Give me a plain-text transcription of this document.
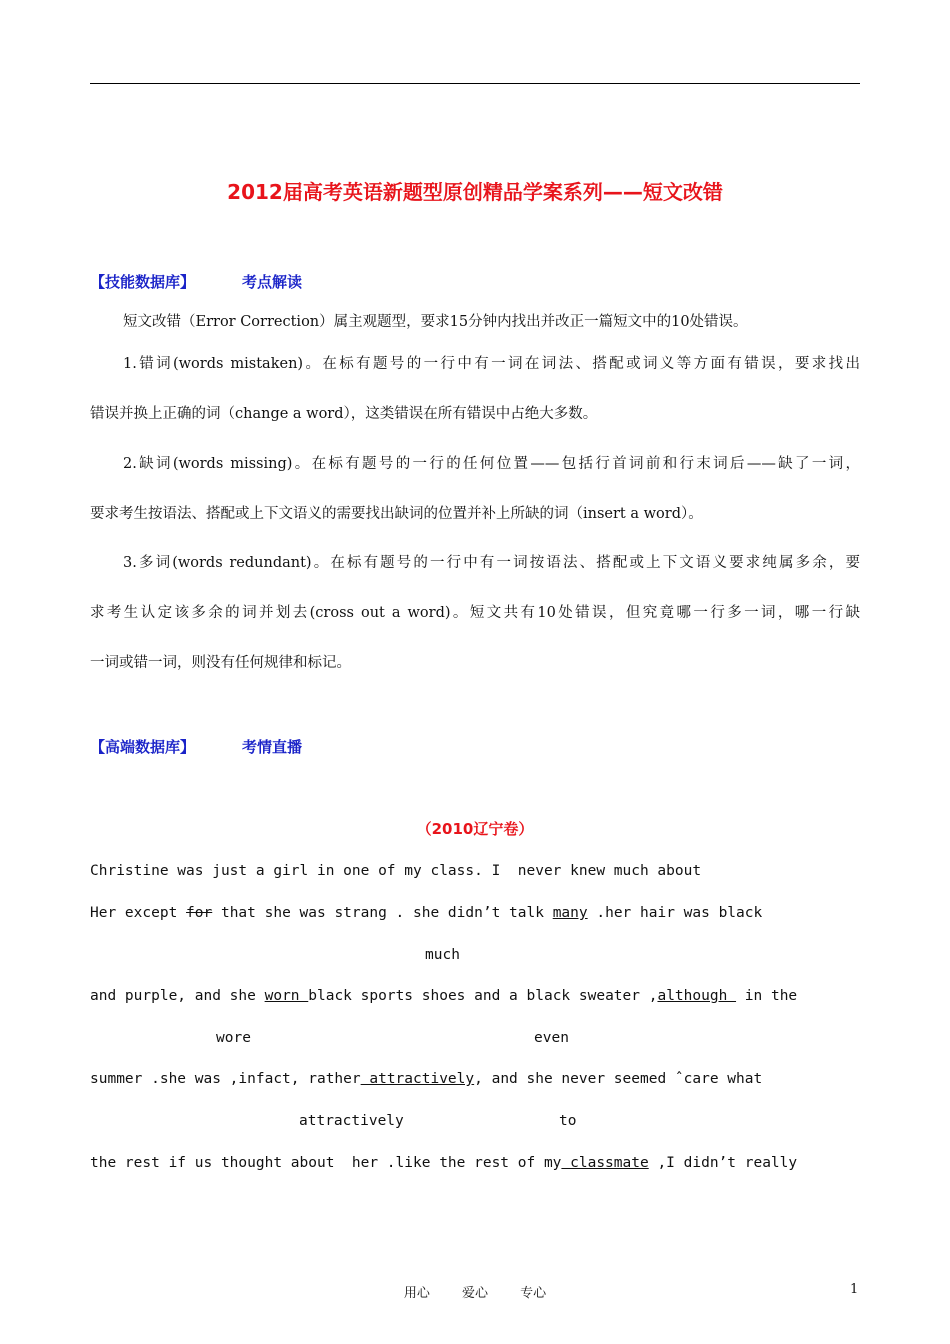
2012届高考英语新题型原创精品学案系列——短文改错
【技能数据库】	考点解读
短文改错（Error Correction）属主观题型，要求15分钟内找出并改正一篇短文中的10处错误。
1.错词(words mistaken)。在标有题号的一行中有一词在词法、搭配或词义等方面有错误，要求找出
错误并换上正确的词（change a word），这类错误在所有错误中占绝大多数。
2.缺词(words missing)。在标有题号的一行的任何位置——包括行首词前和行末词后——缺了一词，
要求考生按语法、搭配或上下文语义的需要找出缺词的位置并补上所缺的词（insert a word）。
3.多词(words redundant)。在标有题号的一行中有一词按语法、搭配或上下文语义要求纯属多余，要
求考生认定该多余的词并划去(cross out a word)。短文共有10处错误，但究竟哪一行多一词，哪一行缺
一词或错一词，则没有任何规律和标记。
【高端数据库】	考情直播
（2010辽宁卷）
Christine was just a girl in one of my class. I  never knew much about
Her except for that she was strang . she didn’t talk many .her hair was black
much
and purple, and she worn black sports shoes and a black sweater ,although  in the
wore	even
summer .she was ,infact, rather attractively, and she never seemed ˆcare what
attractively	to
the rest if us thought about  her .like the rest of my classmate ,I didn’t really
用心 爱心 专心	1
